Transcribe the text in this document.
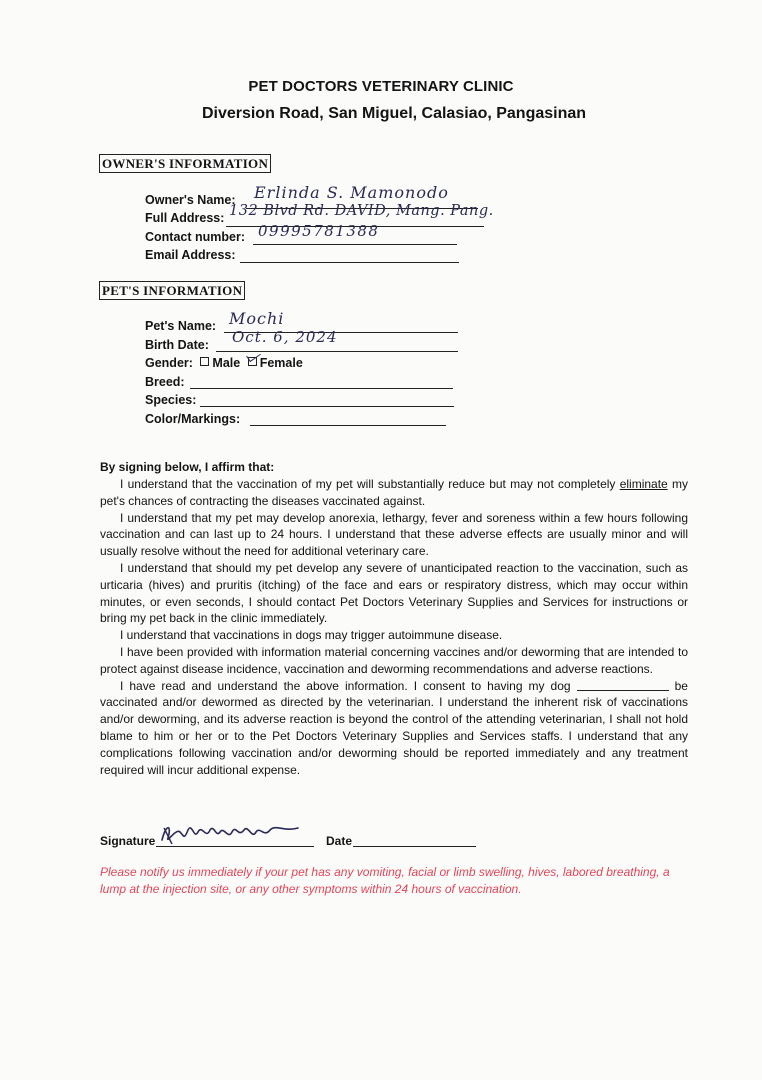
PET DOCTORS VETERINARY CLINIC
Diversion Road, San Miguel, Calasiao, Pangasinan
OWNER'S INFORMATION
Owner's Name: Erlinda S. Mamonodo
Full Address: 132 Blvd Rd. DAVID, Mang. Pang.
Contact number: 09995781388
Email Address:
PET'S INFORMATION
Pet's Name: Mochi
Birth Date: Oct. 6, 2024
Gender: Male Female
Breed:
Species:
Color/Markings:
By signing below, I affirm that:

I understand that the vaccination of my pet will substantially reduce but may not completely eliminate my pet's chances of contracting the diseases vaccinated against.

I understand that my pet may develop anorexia, lethargy, fever and soreness within a few hours following vaccination and can last up to 24 hours. I understand that these adverse effects are usually minor and will usually resolve without the need for additional veterinary care.

I understand that should my pet develop any severe of unanticipated reaction to the vaccination, such as urticaria (hives) and pruritis (itching) of the face and ears or respiratory distress, which may occur within minutes, or even seconds, I should contact Pet Doctors Veterinary Supplies and Services for instructions or bring my pet back in the clinic immediately.

I understand that vaccinations in dogs may trigger autoimmune disease.

I have been provided with information material concerning vaccines and/or deworming that are intended to protect against disease incidence, vaccination and deworming recommendations and adverse reactions.

I have read and understand the above information. I consent to having my dog	be vaccinated and/or dewormed as directed by the veterinarian. I understand the inherent risk of vaccinations and/or deworming, and its adverse reaction is beyond the control of the attending veterinarian, I shall not hold blame to him or her or to the Pet Doctors Veterinary Supplies and Services staffs. I understand that any complications following vaccination and/or deworming should be reported immediately and any treatment required will incur additional expense.

Signature	Date
Please notify us immediately if your pet has any vomiting, facial or limb swelling, hives, labored breathing, a lump at the injection site, or any other symptoms within 24 hours of vaccination.
